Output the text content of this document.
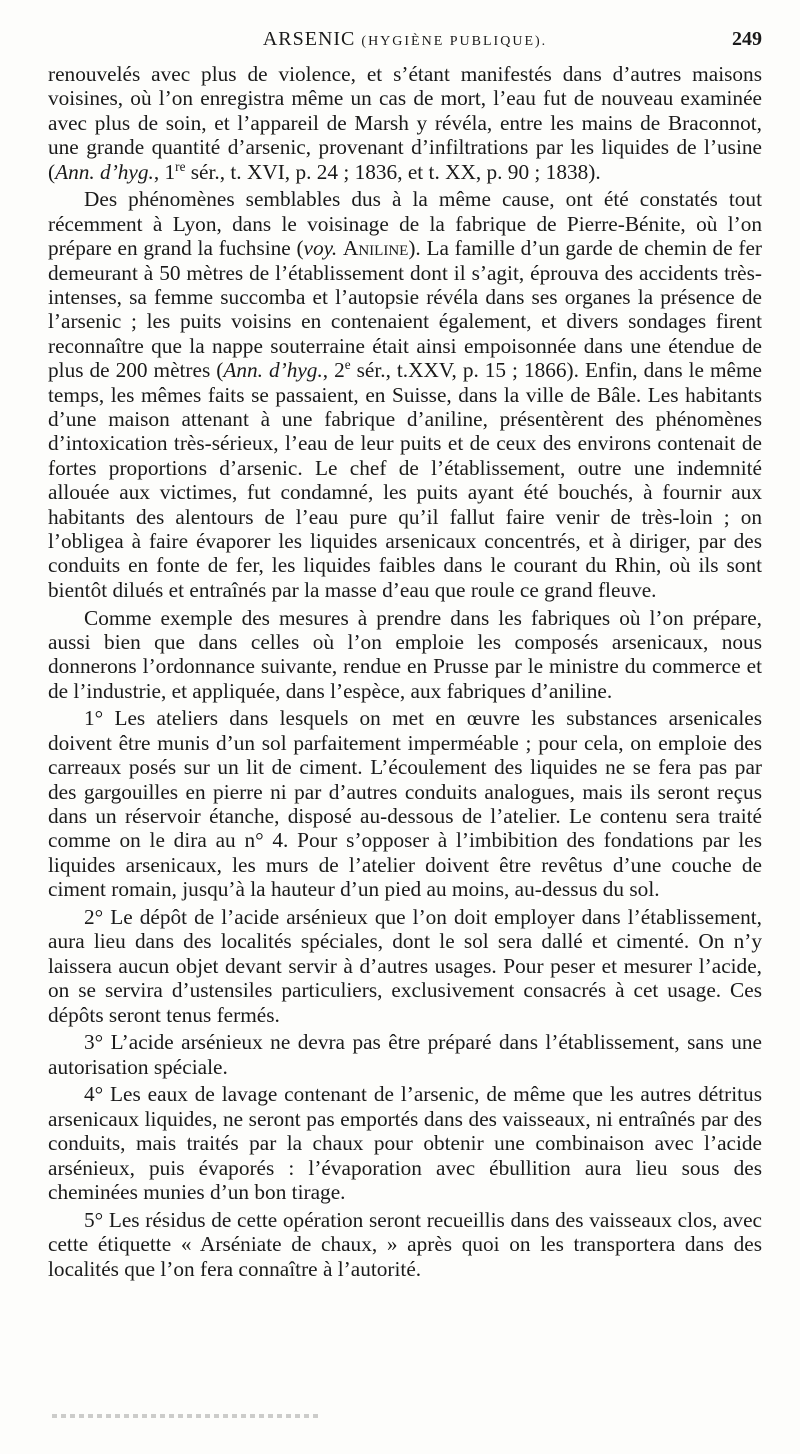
ARSENIC (HYGIÈNE PUBLIQUE).	249

renouvelés avec plus de violence, et s’étant manifestés dans d’autres maisons voisines, où l’on enregistra même un cas de mort, l’eau fut de nouveau examinée avec plus de soin, et l’appareil de Marsh y révéla, entre les mains de Braconnot, une grande quantité d’arsenic, provenant d’infiltrations par les liquides de l’usine (Ann. d’hyg., 1re sér., t. XVI, p. 24 ; 1836, et t. XX, p. 90 ; 1838).

Des phénomènes semblables dus à la même cause, ont été constatés tout récemment à Lyon, dans le voisinage de la fabrique de Pierre-Bénite, où l’on prépare en grand la fuchsine (voy. Aniline). La famille d’un garde de chemin de fer demeurant à 50 mètres de l’établissement dont il s’agit, éprouva des accidents très-intenses, sa femme succomba et l’autopsie révéla dans ses organes la présence de l’arsenic ; les puits voisins en contenaient également, et divers sondages firent reconnaître que la nappe souterraine était ainsi empoisonnée dans une étendue de plus de 200 mètres (Ann. d’hyg., 2e sér., t.XXV, p. 15 ; 1866). Enfin, dans le même temps, les mêmes faits se passaient, en Suisse, dans la ville de Bâle. Les habitants d’une maison attenant à une fabrique d’aniline, présentèrent des phénomènes d’intoxication très-sérieux, l’eau de leur puits et de ceux des environs contenait de fortes proportions d’arsenic. Le chef de l’établissement, outre une indemnité allouée aux victimes, fut condamné, les puits ayant été bouchés, à fournir aux habitants des alentours de l’eau pure qu’il fallut faire venir de très-loin ; on l’obligea à faire évaporer les liquides arsenicaux concentrés, et à diriger, par des conduits en fonte de fer, les liquides faibles dans le courant du Rhin, où ils sont bientôt dilués et entraînés par la masse d’eau que roule ce grand fleuve.

Comme exemple des mesures à prendre dans les fabriques où l’on prépare, aussi bien que dans celles où l’on emploie les composés arsenicaux, nous donnerons l’ordonnance suivante, rendue en Prusse par le ministre du commerce et de l’industrie, et appliquée, dans l’espèce, aux fabriques d’aniline.

1° Les ateliers dans lesquels on met en œuvre les substances arsenicales doivent être munis d’un sol parfaitement imperméable ; pour cela, on emploie des carreaux posés sur un lit de ciment. L’écoulement des liquides ne se fera pas par des gargouilles en pierre ni par d’autres conduits analogues, mais ils seront reçus dans un réservoir étanche, disposé au-dessous de l’atelier. Le contenu sera traité comme on le dira au n° 4. Pour s’opposer à l’imbibition des fondations par les liquides arsenicaux, les murs de l’atelier doivent être revêtus d’une couche de ciment romain, jusqu’à la hauteur d’un pied au moins, au-dessus du sol.

2° Le dépôt de l’acide arsénieux que l’on doit employer dans l’établissement, aura lieu dans des localités spéciales, dont le sol sera dallé et cimenté. On n’y laissera aucun objet devant servir à d’autres usages. Pour peser et mesurer l’acide, on se servira d’ustensiles particuliers, exclusivement consacrés à cet usage. Ces dépôts seront tenus fermés.

3° L’acide arsénieux ne devra pas être préparé dans l’établissement, sans une autorisation spéciale.

4° Les eaux de lavage contenant de l’arsenic, de même que les autres détritus arsenicaux liquides, ne seront pas emportés dans des vaisseaux, ni entraînés par des conduits, mais traités par la chaux pour obtenir une combinaison avec l’acide arsénieux, puis évaporés : l’évaporation avec ébullition aura lieu sous des cheminées munies d’un bon tirage.

5° Les résidus de cette opération seront recueillis dans des vaisseaux clos, avec cette étiquette « Arséniate de chaux, » après quoi on les transportera dans des localités que l’on fera connaître à l’autorité.
